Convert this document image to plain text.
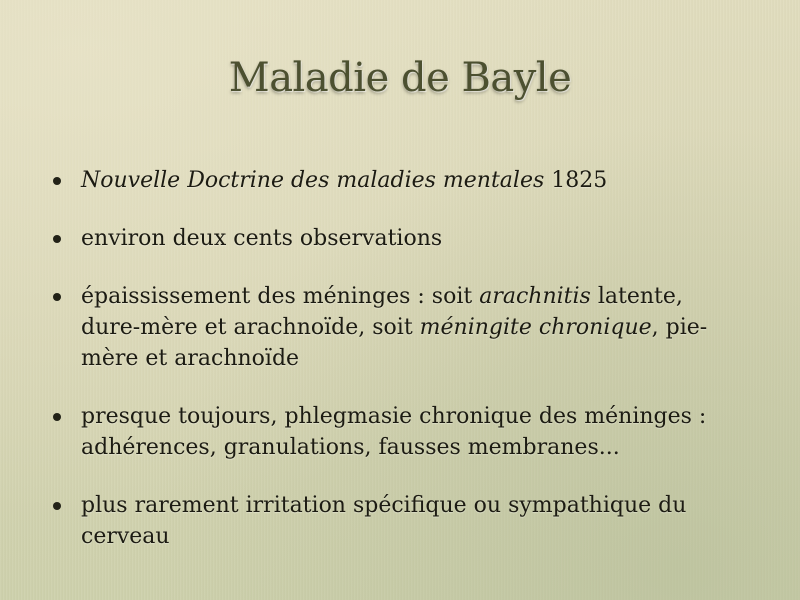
Maladie de Bayle
Nouvelle Doctrine des maladies mentales 1825
environ deux cents observations
épaississement des méninges : soit arachnitis latente, dure-mère et arachnoïde, soit méningite chronique, pie-mère et arachnoïde
presque toujours, phlegmasie chronique des méninges : adhérences, granulations, fausses membranes...
plus rarement irritation spécifique ou sympathique du cerveau
